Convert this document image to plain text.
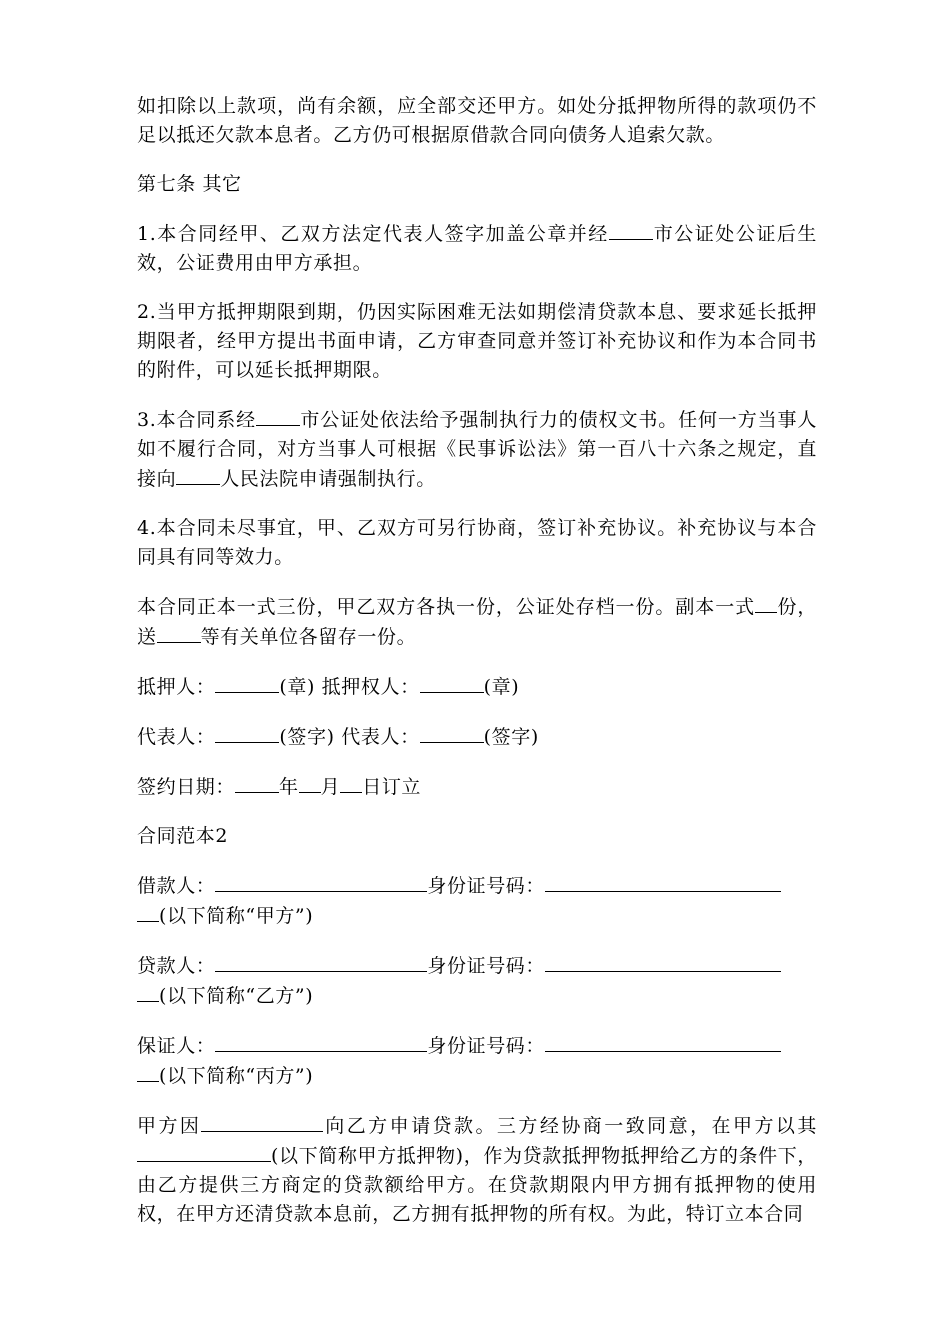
如扣除以上款项，尚有余额，应全部交还甲方。如处分抵押物所得的款项仍不足以抵还欠款本息者。乙方仍可根据原借款合同向债务人追索欠款。

第七条 其它

1.本合同经甲、乙双方法定代表人签字加盖公章并经 市公证处公证后生效，公证费用由甲方承担。

2.当甲方抵押期限到期，仍因实际困难无法如期偿清贷款本息、要求延长抵押期限者，经甲方提出书面申请，乙方审查同意并签订补充协议和作为本合同书的附件，可以延长抵押期限。

3.本合同系经 市公证处依法给予强制执行力的债权文书。任何一方当事人如不履行合同，对方当事人可根据《民事诉讼法》第一百八十六条之规定，直接向 人民法院申请强制执行。

4.本合同未尽事宜，甲、乙双方可另行协商，签订补充协议。补充协议与本合同具有同等效力。

本合同正本一式三份，甲乙双方各执一份，公证处存档一份。副本一式 份，送 等有关单位各留存一份。

抵押人：	(章) 抵押权人：	(章)

代表人：	(签字) 代表人：	(签字)

签约日期： 年 月 日订立

合同范本2

借款人：	身份证号码：
(以下简称“甲方”)

贷款人：	身份证号码：
(以下简称“乙方”)

保证人：	身份证号码：
(以下简称“丙方”)

甲方因	向乙方申请贷款。三方经协商一致同意，在甲方以其(以下简称甲方抵押物)，作为贷款抵押物抵押给乙方的条件下，由乙方提供三方商定的贷款额给甲方。在贷款期限内甲方拥有抵押物的使用权，在甲方还清贷款本息前，乙方拥有抵押物的所有权。为此，特订立本合同
